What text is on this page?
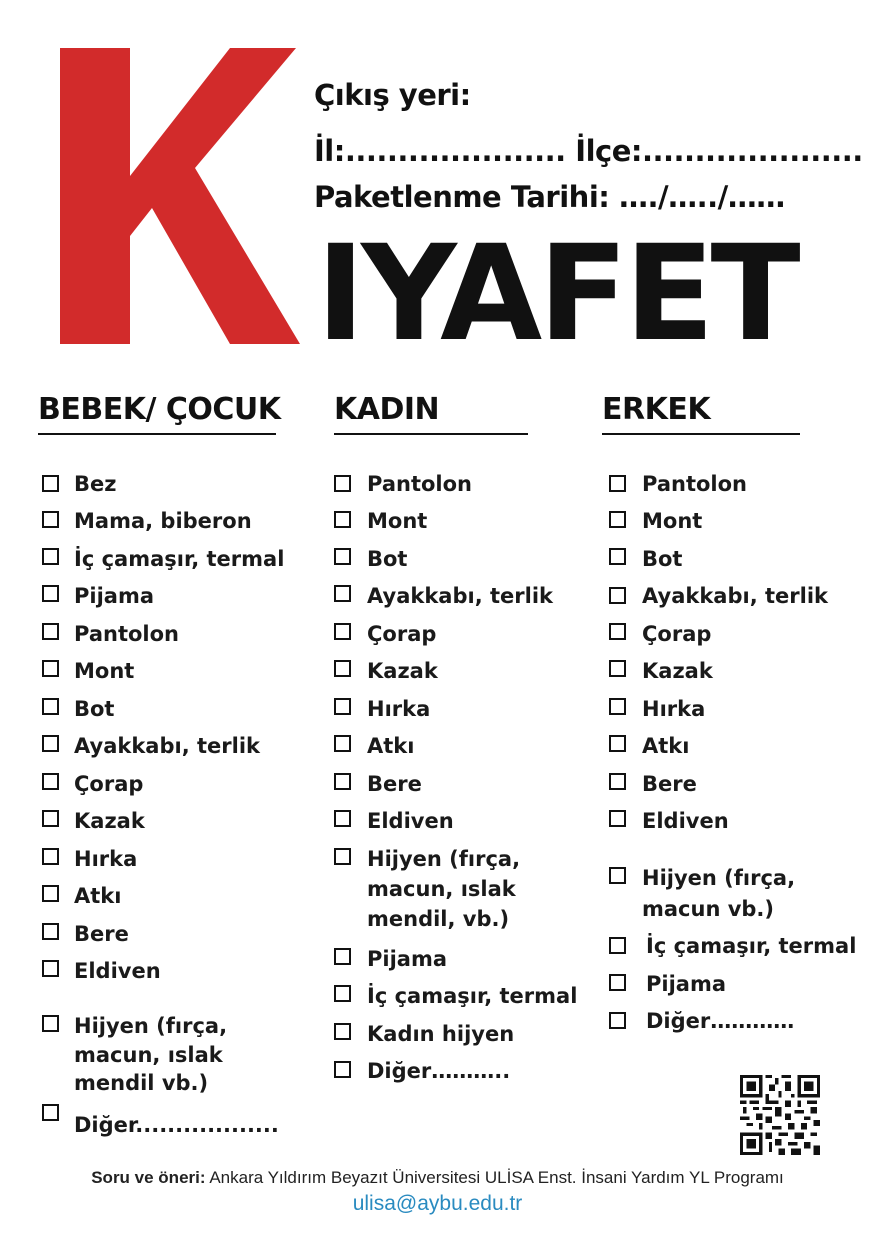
IYAFET
Çıkış yeri:
İl:..................... İlçe:.....................
Paketlenme Tarihi: …./…../……
BEBEK/ ÇOCUK KADIN	ERKEK
Bez
Mama, biberon
İç çamaşır, termal
Pijama
Pantolon
Mont
Bot
Ayakkabı, terlik
Çorap
Kazak
Hırka
Atkı
Bere
Eldiven
Hijyen (fırça,
macun, ıslak
mendil vb.)
Diğer..................
Pantolon
Mont
Bot
Ayakkabı, terlik
Çorap
Kazak
Hırka
Atkı
Bere
Eldiven
Hijyen (fırça,
macun, ıslak
mendil, vb.)
Pijama
İç çamaşır, termal
Kadın hijyen
Diğer………..
Pantolon
Mont
Bot
Ayakkabı, terlik
Çorap
Kazak
Hırka
Atkı
Bere
Eldiven
Hijyen (fırça,
macun vb.)
İç çamaşır, termal
Pijama
Diğer…………
Soru ve öneri: Ankara Yıldırım Beyazıt Üniversitesi ULİSA Enst. İnsani Yardım YL Programı
ulisa@aybu.edu.tr
